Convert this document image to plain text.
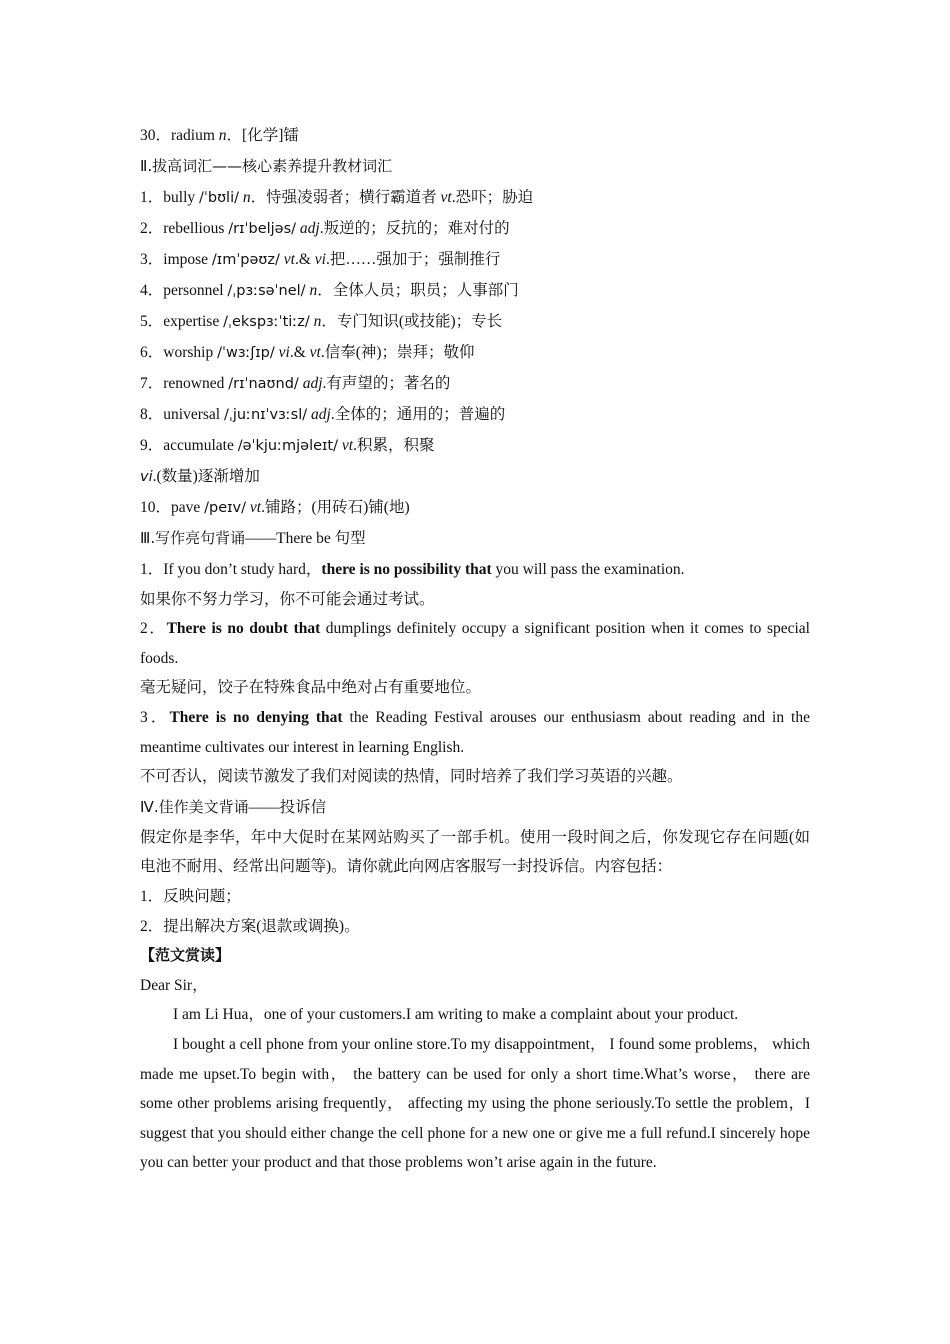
30．radium n．[化学]镭
Ⅱ.拔高词汇——核心素养提升教材词汇
1．bully /ˈbʊli/ n．恃强凌弱者；横行霸道者 vt.恐吓；胁迫
2．rebellious /rɪˈbeljəs/ adj.叛逆的；反抗的；难对付的
3．impose /ɪmˈpəʊz/ vt.& vi.把……强加于；强制推行
4．personnel /ˌpɜːsəˈnel/ n．全体人员；职员；人事部门
5．expertise /ˌekspɜːˈtiːz/ n．专门知识(或技能)；专长
6．worship /ˈwɜːʃɪp/ vi.& vt.信奉(神)；崇拜；敬仰
7．renowned /rɪˈnaʊnd/ adj.有声望的；著名的
8．universal /ˌjuːnɪˈvɜːsl/ adj.全体的；通用的；普遍的
9．accumulate /əˈkjuːmjəleɪt/ vt.积累，积聚
vi.(数量)逐渐增加
10．pave /peɪv/ vt.铺路；(用砖石)铺(地)
Ⅲ.写作亮句背诵——There be 句型

1．If you don’t study hard，there is no possibility that you will pass the examination.

如果你不努力学习，你不可能会通过考试。

2．There is no doubt that dumplings definitely occupy a significant position when it comes to special foods.

毫无疑问，饺子在特殊食品中绝对占有重要地位。

3．There is no denying that the Reading Festival arouses our enthusiasm about reading and in the meantime cultivates our interest in learning English.

不可否认，阅读节激发了我们对阅读的热情，同时培养了我们学习英语的兴趣。

Ⅳ.佳作美文背诵——投诉信

假定你是李华，年中大促时在某网站购买了一部手机。使用一段时间之后，你发现它存在问题(如电池不耐用、经常出问题等)。请你就此向网店客服写一封投诉信。内容包括：

1．反映问题；

2．提出解决方案(退款或调换)。

【范文赏读】

Dear Sir，

I am Li Hua，one of your customers.I am writing to make a complaint about your product.

I bought a cell phone from your online store.To my disappointment， I found some problems， which made me upset.To begin with， the battery can be used for only a short time.What’s worse， there are some other problems arising frequently， affecting my using the phone seriously.To settle the problem，I suggest that you should either change the cell phone for a new one or give me a full refund.I sincerely hope you can better your product and that those problems won’t arise again in the future.
